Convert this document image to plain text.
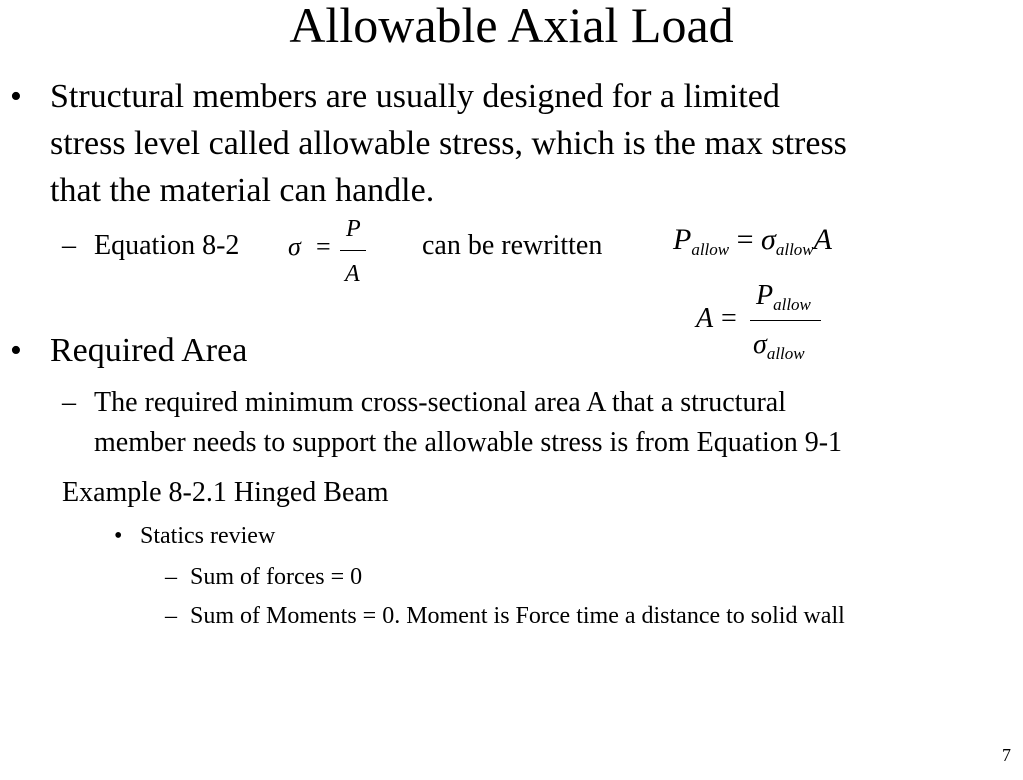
Allowable Axial Load
• Structural members are usually designed for a limited
stress level called allowable stress, which is the max stress
that the material can handle.
– Equation 8-2 σ =
P
A
can be rewritten $P_{allow} = \sigma_{allow}A$
A =
$P_{allow}$
$\sigma_{allow}$
• Required Area
– The required minimum cross-sectional area A that a structural
member needs to support the allowable stress is from Equation 9-1
Example 8-2.1 Hinged Beam
• Statics review
– Sum of forces = 0
– Sum of Moments = 0. Moment is Force time a distance to solid wall
7
